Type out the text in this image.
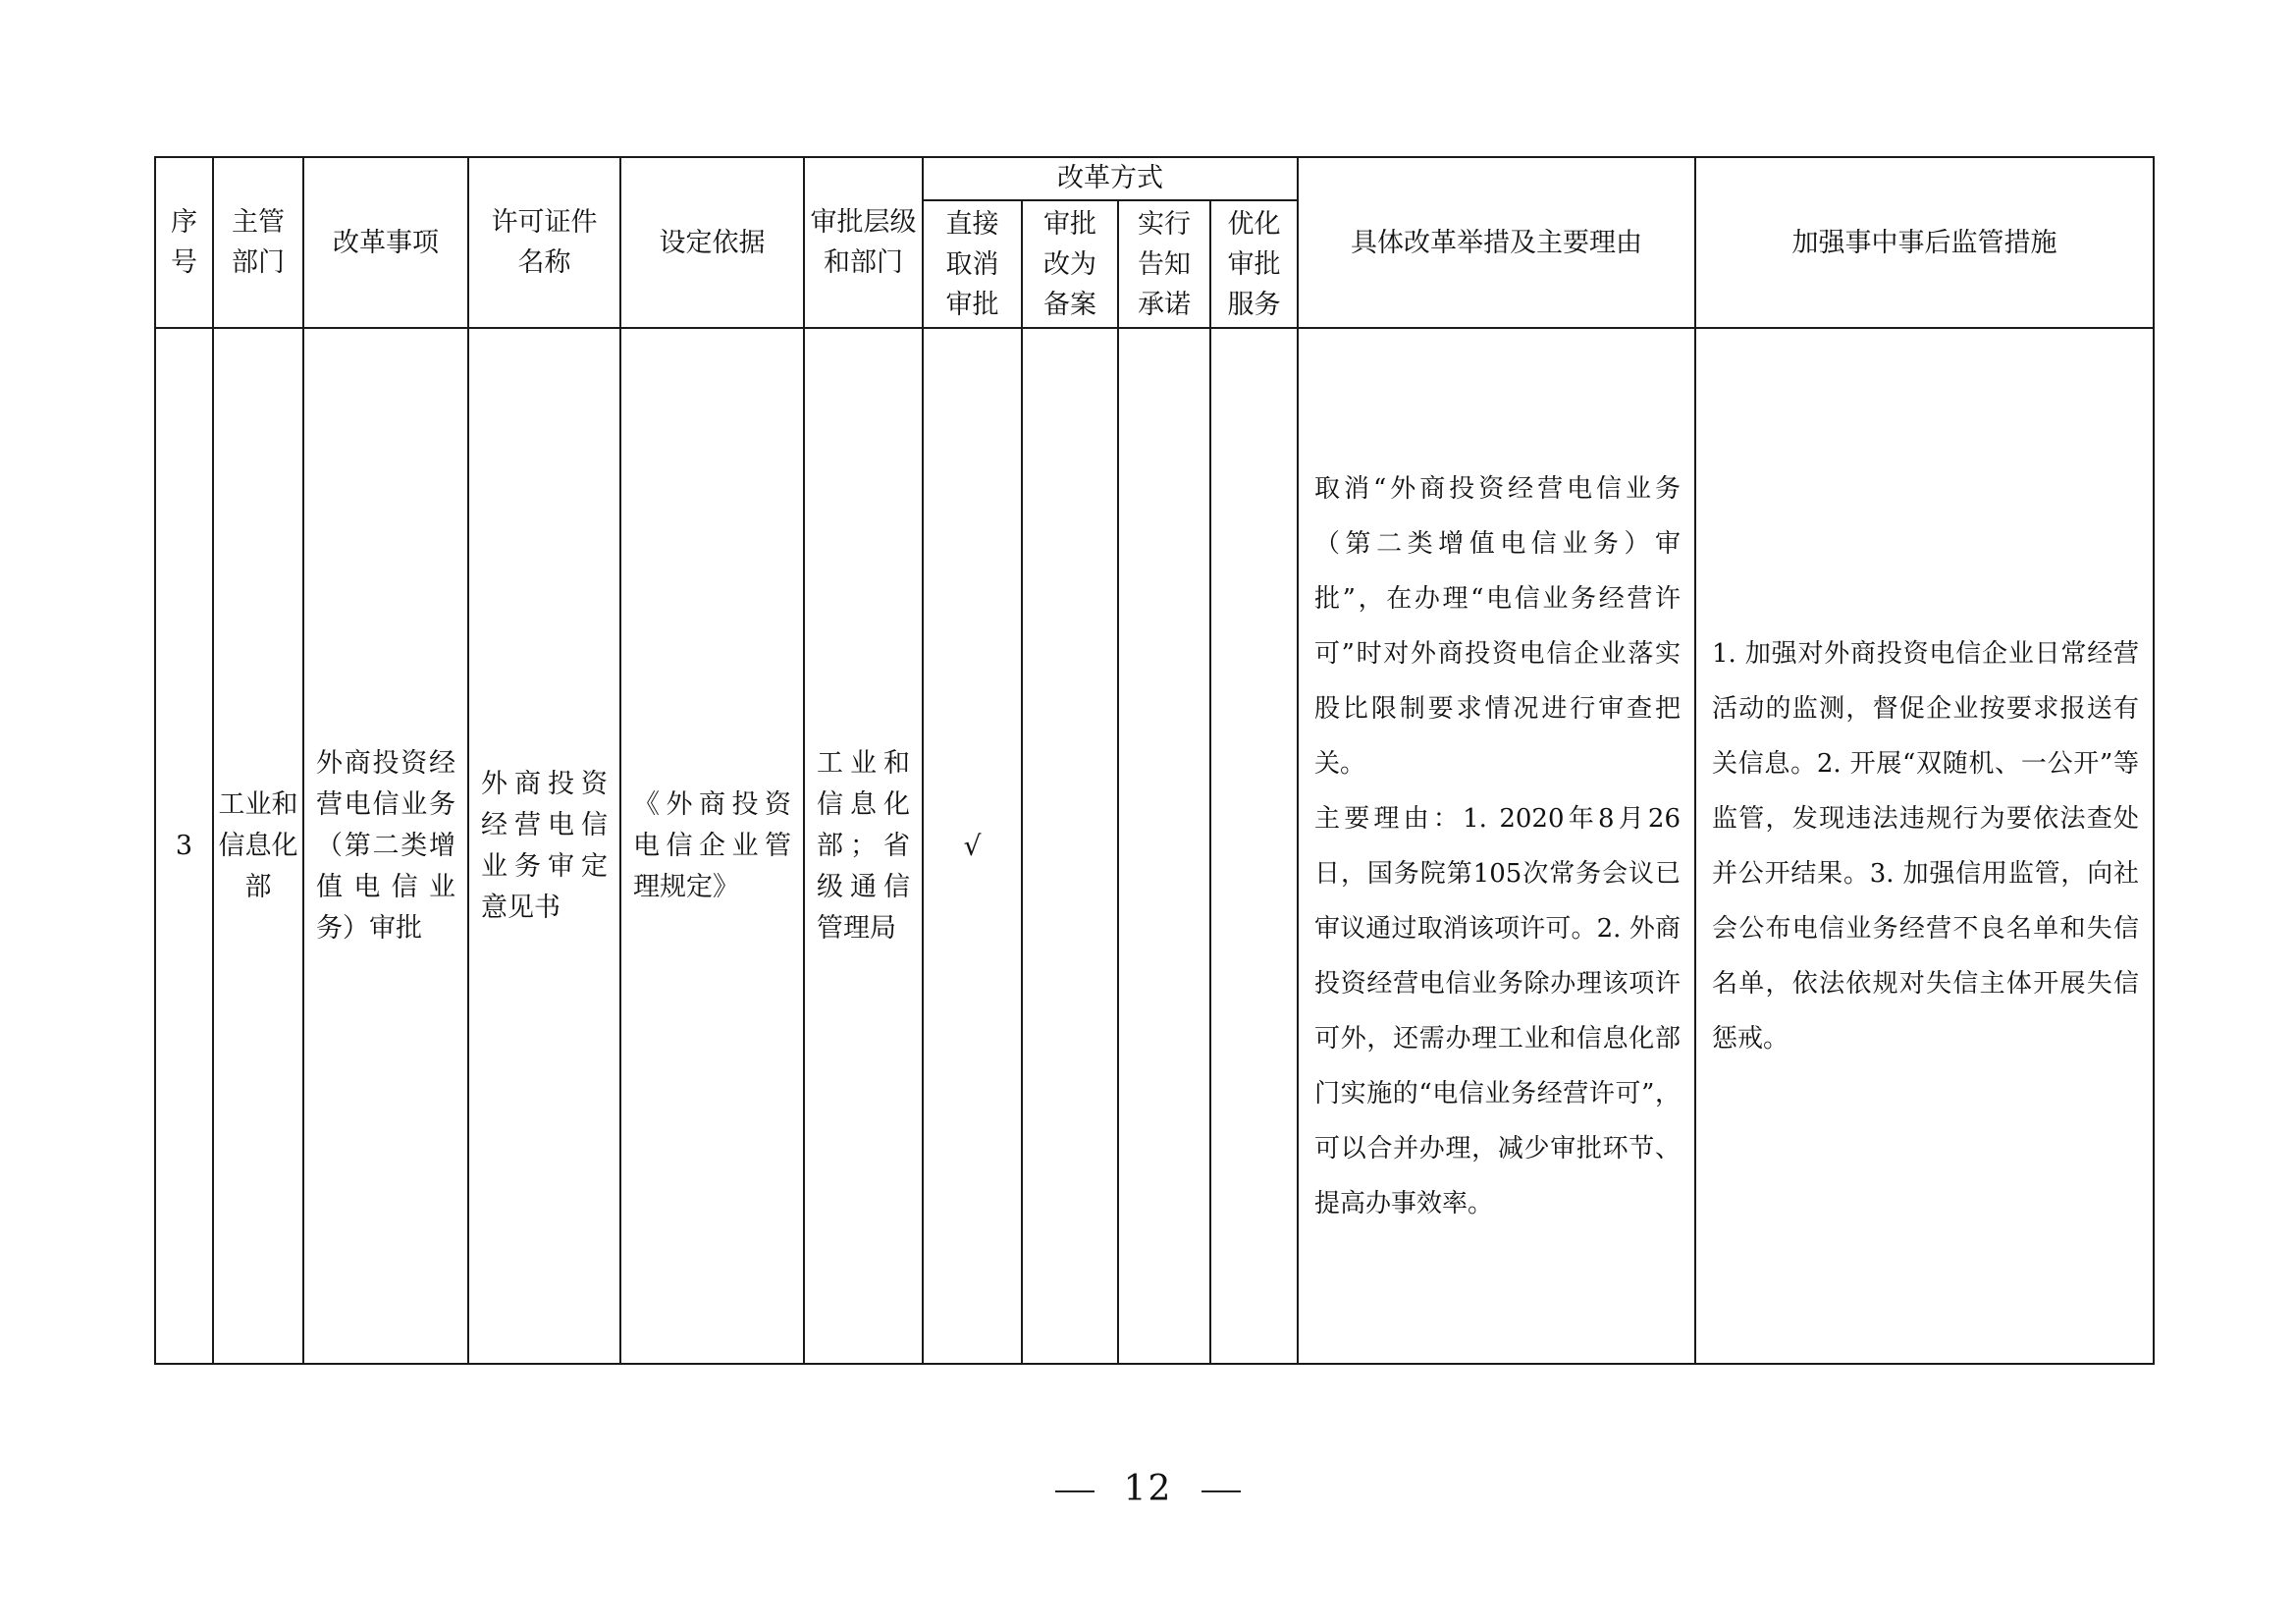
序号	主管部门	改革事项	许可证件名称	设定依据	审批层级和部门	改革方式				具体改革举措及主要理由	加强事中事后监管措施

						直接取消审批	审批改为备案	实行告知承诺	优化审批服务		

3	工业和信息化部	外商投资经营电信业务（第二类增值电信业务）审批	外商投资经营电信业务审定意见书	《外商投资电信企业管理规定》	工业和信息化部；省级通信管理局	√				取消“外商投资经营电信业务（第二类增值电信业务）审批”，在办理“电信业务经营许可”时对外商投资电信企业落实股比限制要求情况进行审查把关。
主要理由：1. 2020年8月26日，国务院第105次常务会议已审议通过取消该项许可。2. 外商投资经营电信业务除办理该项许可外，还需办理工业和信息化部门实施的“电信业务经营许可”，可以合并办理，减少审批环节、提高办事效率。	1. 加强对外商投资电信企业日常经营活动的监测，督促企业按要求报送有关信息。2. 开展“双随机、一公开”等监管，发现违法违规行为要依法查处并公开结果。3. 加强信用监管，向社会公布电信业务经营不良名单和失信名单，依法依规对失信主体开展失信惩戒。
12
